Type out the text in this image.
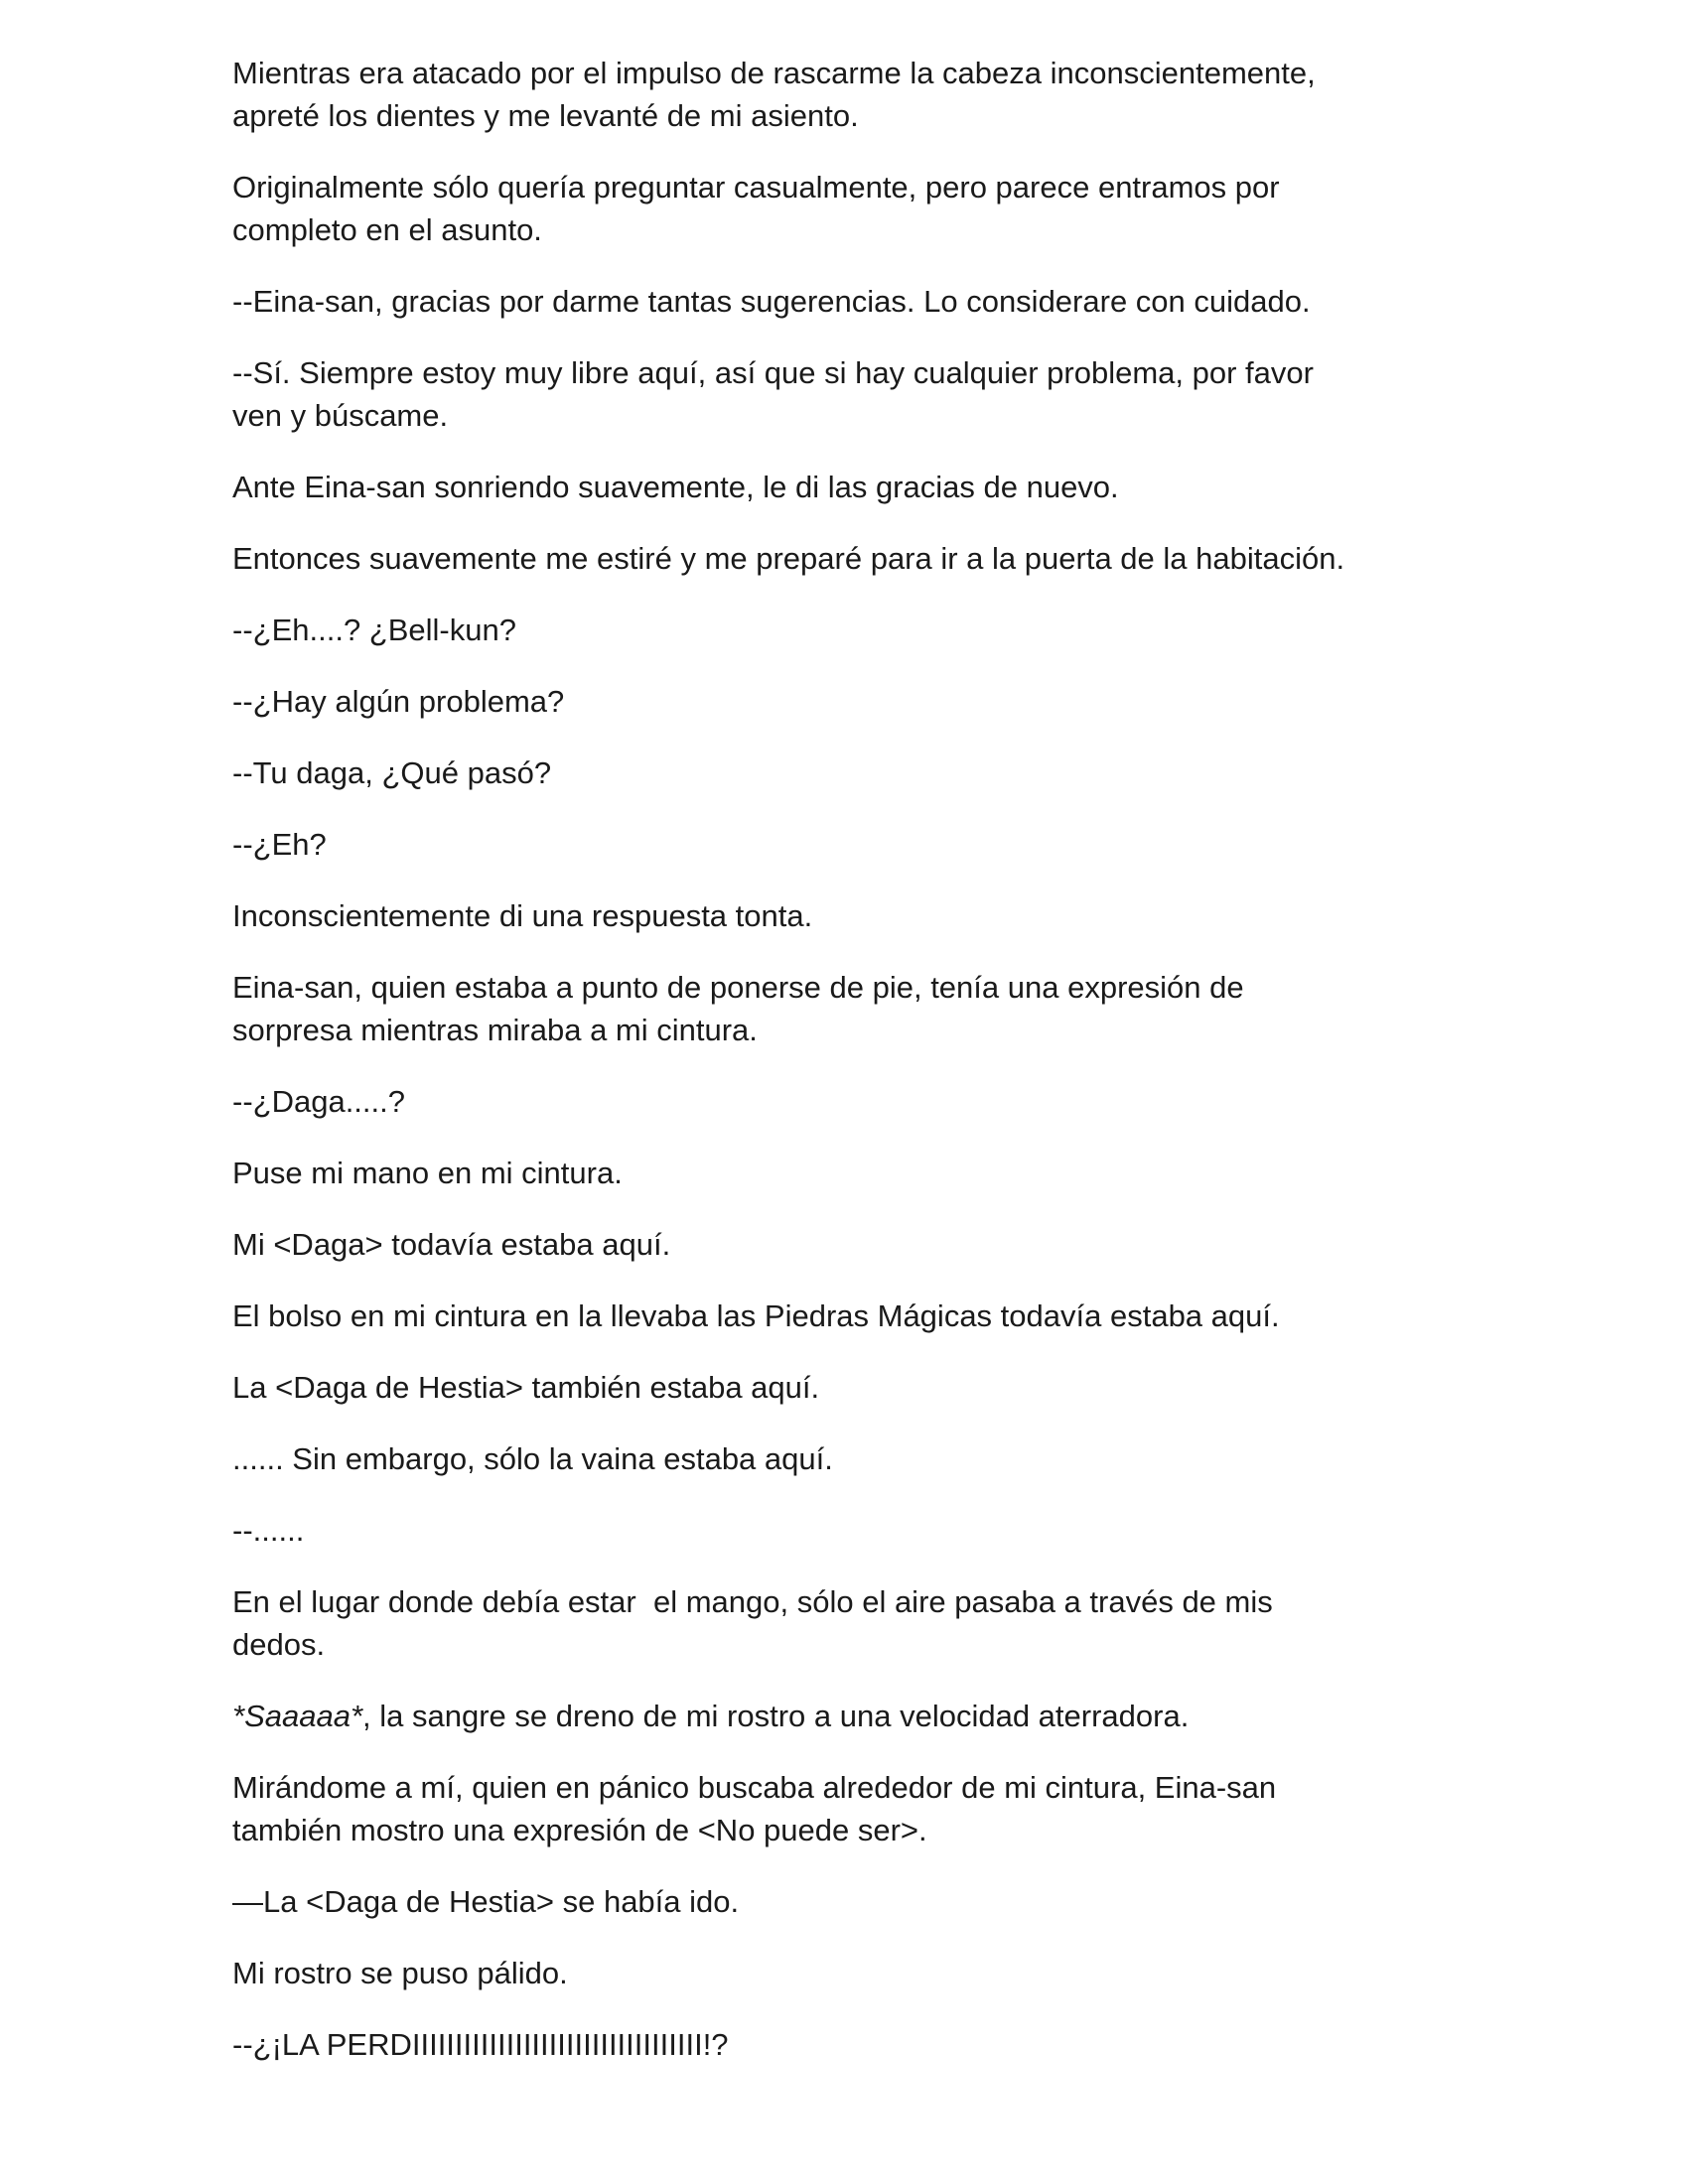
Mientras era atacado por el impulso de rascarme la cabeza inconscientemente,
apreté los dientes y me levanté de mi asiento.

Originalmente sólo quería preguntar casualmente, pero parece entramos por
completo en el asunto.

--Eina-san, gracias por darme tantas sugerencias. Lo considerare con cuidado.

--Sí. Siempre estoy muy libre aquí, así que si hay cualquier problema, por favor
ven y búscame.

Ante Eina-san sonriendo suavemente, le di las gracias de nuevo.

Entonces suavemente me estiré y me preparé para ir a la puerta de la habitación.

--¿Eh....? ¿Bell-kun?

--¿Hay algún problema?

--Tu daga, ¿Qué pasó?

--¿Eh?

Inconscientemente di una respuesta tonta.

Eina-san, quien estaba a punto de ponerse de pie, tenía una expresión de
sorpresa mientras miraba a mi cintura.

--¿Daga.....?

Puse mi mano en mi cintura.

Mi <Daga> todavía estaba aquí.

El bolso en mi cintura en la llevaba las Piedras Mágicas todavía estaba aquí.

La <Daga de Hestia> también estaba aquí.

...... Sin embargo, sólo la vaina estaba aquí.

--......

En el lugar donde debía estar  el mango, sólo el aire pasaba a través de mis
dedos.

*Saaaaa*, la sangre se dreno de mi rostro a una velocidad aterradora.

Mirándome a mí, quien en pánico buscaba alrededor de mi cintura, Eina-san
también mostro una expresión de <No puede ser>.

—La <Daga de Hestia> se había ido.

Mi rostro se puso pálido.

--¿¡LA PERDIIIIIIIIIIIIIIIIIIIIIIIIIIIIIIIIII!?
